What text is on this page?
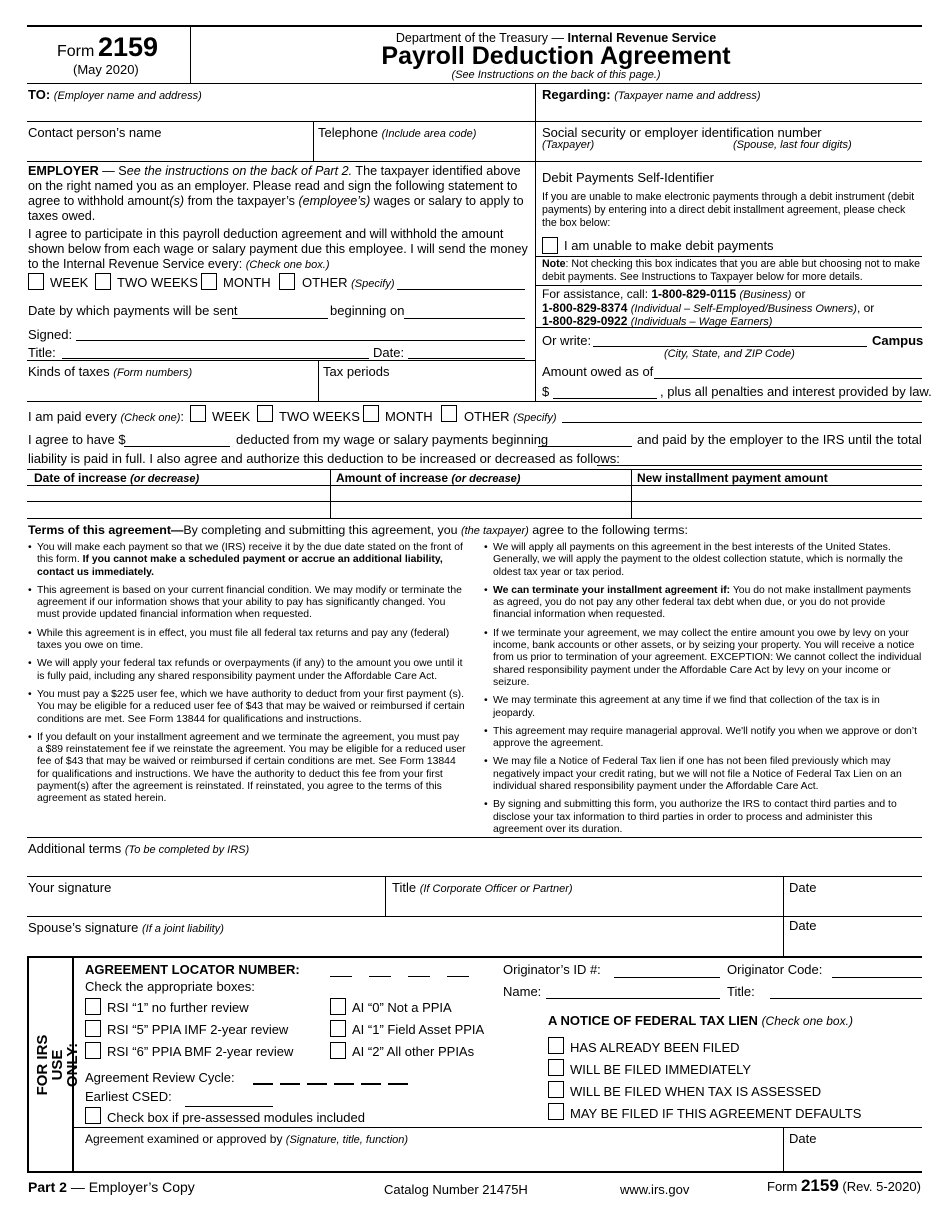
Form 2159
(May 2020)
Department of the Treasury — Internal Revenue Service
Payroll Deduction Agreement
(See Instructions on the back of this page.)
TO: (Employer name and address)
Contact person’s name	Telephone (Include area code)
Regarding: (Taxpayer name and address)
Social security or employer identification number
(Taxpayer)	(Spouse, last four digits)
EMPLOYER — See the instructions on the back of Part 2. The taxpayer identified above on the right named you as an employer. Please read and sign the following statement to agree to withhold amount(s) from the taxpayer’s (employee’s) wages or salary to apply to taxes owed.
I agree to participate in this payroll deduction agreement and will withhold the amount shown below from each wage or salary payment due this employee. I will send the money to the Internal Revenue Service every: (Check one box.)
WEEK TWO WEEKS MONTH OTHER (Specify)
Date by which payments will be sent	beginning on
Signed:
Title:	Date:
Kinds of taxes (Form numbers)	Tax periods
Debit Payments Self-Identifier
If you are unable to make electronic payments through a debit instrument (debit payments) by entering into a direct debit installment agreement, please check the box below:
I am unable to make debit payments
Note: Not checking this box indicates that you are able but choosing not to make debit payments. See Instructions to Taxpayer below for more details.
For assistance, call: 1-800-829-0115 (Business) or
1-800-829-8374 (Individual – Self-Employed/Business Owners), or
1-800-829-0922 (Individuals – Wage Earners)
Or write:	Campus
(City, State, and ZIP Code)
Amount owed as of
$	, plus all penalties and interest provided by law.
I am paid every (Check one): WEEK TWO WEEKS MONTH OTHER (Specify)
I agree to have $	deducted from my wage or salary payments beginning	and paid by the employer to the IRS until the total
liability is paid in full. I also agree and authorize this deduction to be increased or decreased as follows:
Date of increase (or decrease)	Amount of increase (or decrease)	New installment payment amount
Terms of this agreement—By completing and submitting this agreement, you (the taxpayer) agree to the following terms:
• You will make each payment so that we (IRS) receive it by the due date stated on the front of this form. If you cannot make a scheduled payment or accrue an additional liability, contact us immediately.
• This agreement is based on your current financial condition. We may modify or terminate the agreement if our information shows that your ability to pay has significantly changed. You must provide updated financial information when requested.
• While this agreement is in effect, you must file all federal tax returns and pay any (federal) taxes you owe on time.
• We will apply your federal tax refunds or overpayments (if any) to the amount you owe until it is fully paid, including any shared responsibility payment under the Affordable Care Act.
• You must pay a $225 user fee, which we have authority to deduct from your first payment (s). You may be eligible for a reduced user fee of $43 that may be waived or reimbursed if certain conditions are met. See Form 13844 for qualifications and instructions.
• If you default on your installment agreement and we terminate the agreement, you must pay a $89 reinstatement fee if we reinstate the agreement. You may be eligible for a reduced user fee of $43 that may be waived or reimbursed if certain conditions are met. See Form 13844 for qualifications and instructions. We have the authority to deduct this fee from your first payment(s) after the agreement is reinstated. If reinstated, you agree to the terms of this agreement as stated herein.
• We will apply all payments on this agreement in the best interests of the United States. Generally, we will apply the payment to the oldest collection statute, which is normally the oldest tax year or tax period.
• We can terminate your installment agreement if: You do not make installment payments as agreed, you do not pay any other federal tax debt when due, or you do not provide financial information when requested.
• If we terminate your agreement, we may collect the entire amount you owe by levy on your income, bank accounts or other assets, or by seizing your property. You will receive a notice from us prior to termination of your agreement. EXCEPTION: We cannot collect the individual shared responsibility payment under the Affordable Care Act by levy on your income or seizure.
• We may terminate this agreement at any time if we find that collection of the tax is in jeopardy.
• This agreement may require managerial approval. We'll notify you when we approve or don’t approve the agreement.
• We may file a Notice of Federal Tax lien if one has not been filed previously which may negatively impact your credit rating, but we will not file a Notice of Federal Tax Lien on an individual shared responsibility payment under the Affordable Care Act.
• By signing and submitting this form, you authorize the IRS to contact third parties and to disclose your tax information to third parties in order to process and administer this agreement over its duration.
Additional terms (To be completed by IRS)
Your signature	Title (If Corporate Officer or Partner)	Date
Spouse’s signature (If a joint liability)	Date
FOR IRS
USE ONLY:
AGREEMENT LOCATOR NUMBER:
Check the appropriate boxes:
RSI “1” no further review
RSI “5” PPIA IMF 2-year review
RSI “6” PPIA BMF 2-year review
AI “0” Not a PPIA
AI “1” Field Asset PPIA
AI “2” All other PPIAs
Agreement Review Cycle:
Earliest CSED:
Check box if pre-assessed modules included
Originator’s ID #:	Originator Code:
Name:	Title:
A NOTICE OF FEDERAL TAX LIEN (Check one box.)
HAS ALREADY BEEN FILED
WILL BE FILED IMMEDIATELY
WILL BE FILED WHEN TAX IS ASSESSED
MAY BE FILED IF THIS AGREEMENT DEFAULTS
Agreement examined or approved by (Signature, title, function)	Date
Part 2 — Employer’s Copy	Catalog Number 21475H	www.irs.gov	Form 2159 (Rev. 5-2020)
